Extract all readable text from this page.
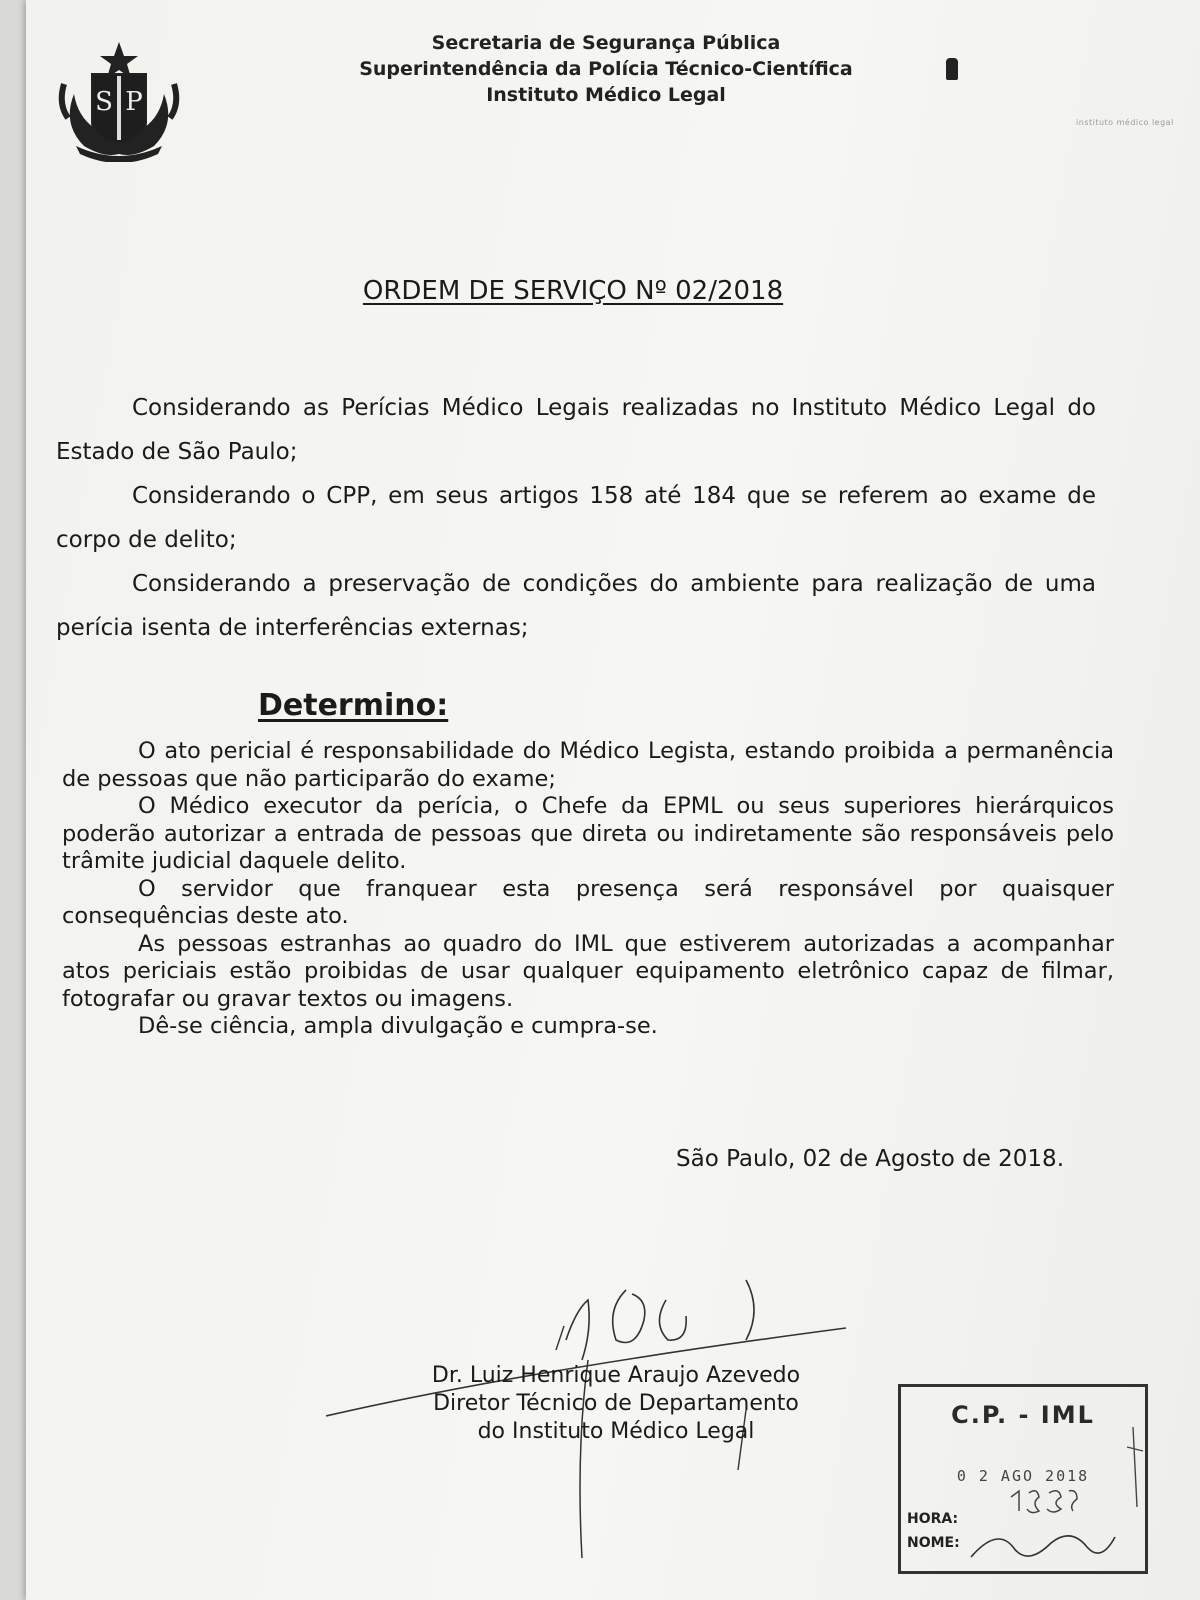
S P
Secretaria de Segurança Pública
Superintendência da Polícia Técnico-Científica
Instituto Médico Legal
instituto médico legal
ORDEM DE SERVIÇO Nº 02/2018

Considerando as Perícias Médico Legais realizadas no Instituto Médico Legal do Estado de São Paulo;

Considerando o CPP, em seus artigos 158 até 184 que se referem ao exame de corpo de delito;

Considerando a preservação de condições do ambiente para realização de uma perícia isenta de interferências externas;

Determino:

O ato pericial é responsabilidade do Médico Legista, estando proibida a permanência de pessoas que não participarão do exame;

O Médico executor da perícia, o Chefe da EPML ou seus superiores hierárquicos poderão autorizar a entrada de pessoas que direta ou indiretamente são responsáveis pelo trâmite judicial daquele delito.

O servidor que franquear esta presença será responsável por quaisquer consequências deste ato.

As pessoas estranhas ao quadro do IML que estiverem autorizadas a acompanhar atos periciais estão proibidas de usar qualquer equipamento eletrônico capaz de filmar, fotografar ou gravar textos ou imagens.

Dê-se ciência, ampla divulgação e cumpra-se.

São Paulo, 02 de Agosto de 2018.
Dr. Luiz Henrique Araujo Azevedo
Diretor Técnico de Departamento
do Instituto Médico Legal
C.P. - IML
0 2 AGO 2018
HORA:
NOME:
